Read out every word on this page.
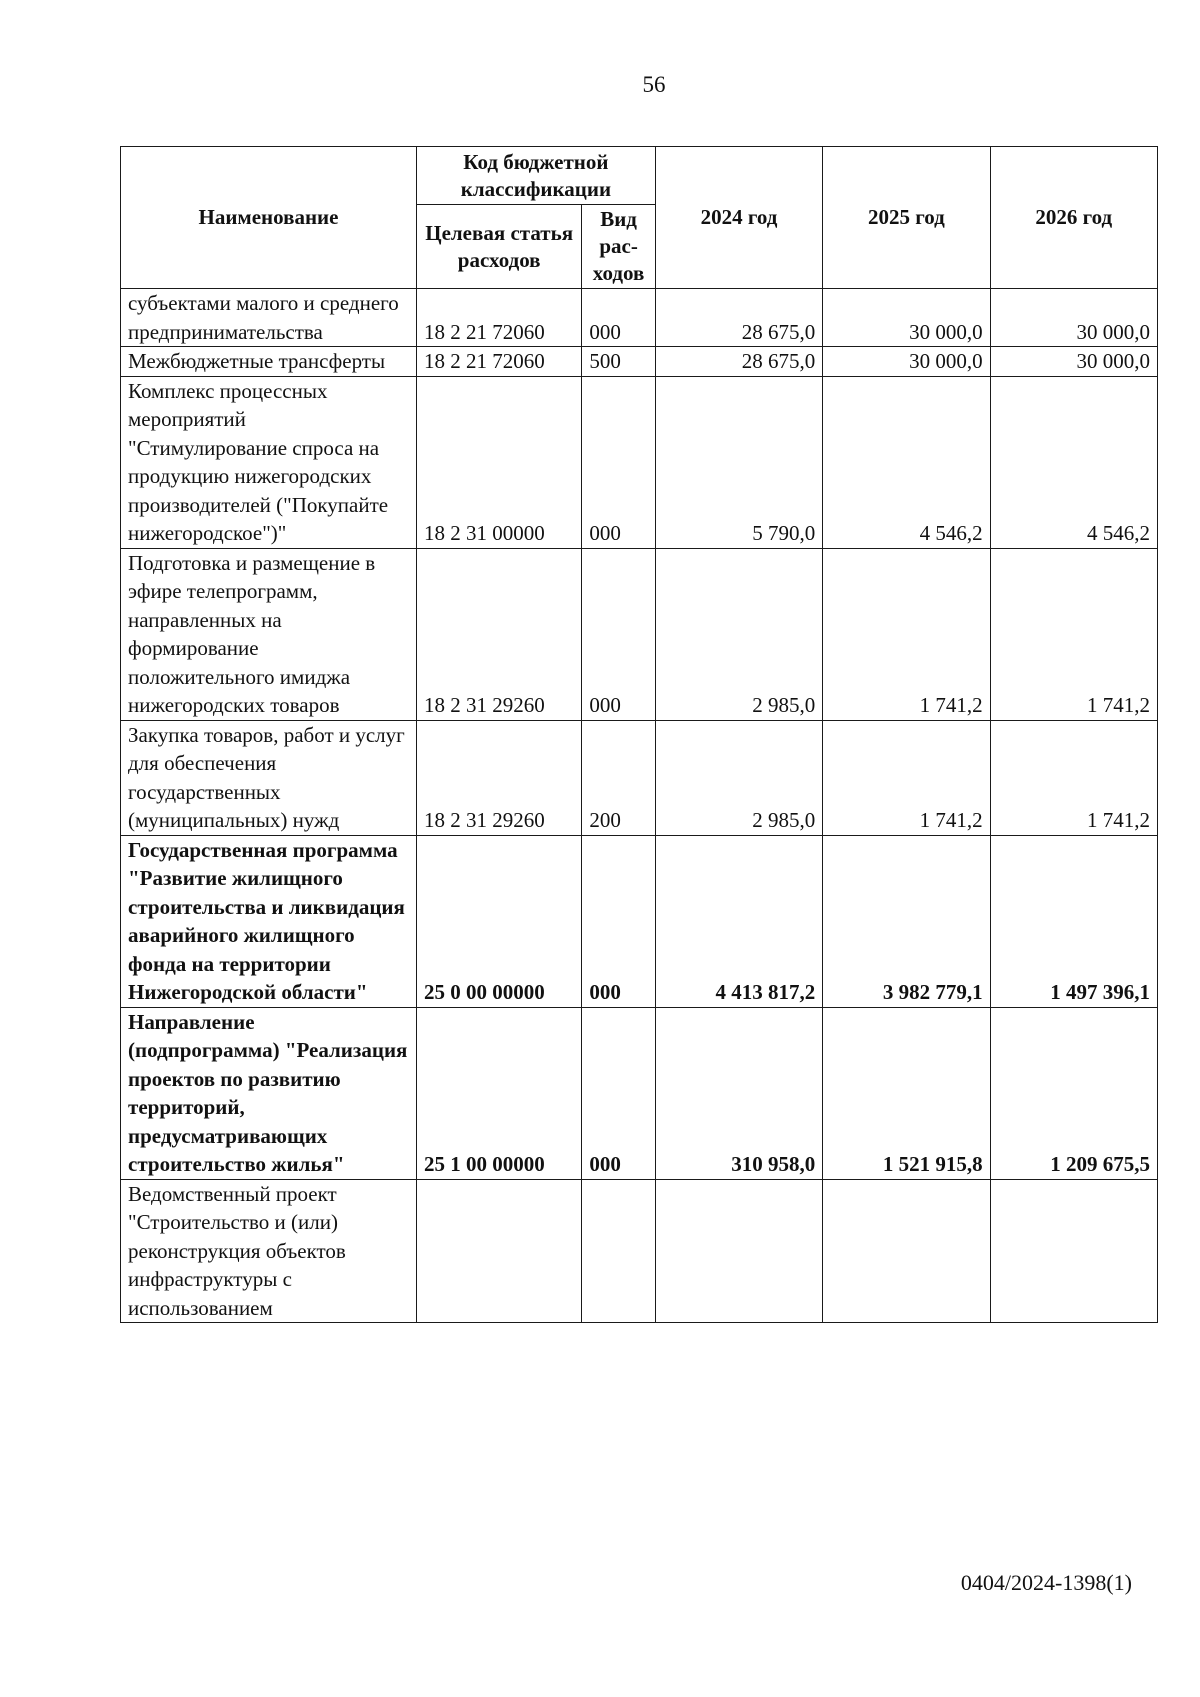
56
Наименование	Код бюджетной классификации		2024 год	2025 год	2026 год
	Целевая статья расходов	Вид рас-ходов			
субъектами малого и среднего предпринимательства	18 2 21 72060	000	28 675,0	30 000,0	30 000,0
Межбюджетные трансферты	18 2 21 72060	500	28 675,0	30 000,0	30 000,0
Комплекс процессных мероприятий "Стимулирование спроса на продукцию нижегородских производителей ("Покупайте нижегородское")"	18 2 31 00000	000	5 790,0	4 546,2	4 546,2
Подготовка и размещение в эфире телепрограмм, направленных на формирование положительного имиджа нижегородских товаров	18 2 31 29260	000	2 985,0	1 741,2	1 741,2
Закупка товаров, работ и услуг для обеспечения государственных (муниципальных) нужд	18 2 31 29260	200	2 985,0	1 741,2	1 741,2
Государственная программа "Развитие жилищного строительства и ликвидация аварийного жилищного фонда на территории Нижегородской области"	25 0 00 00000	000	4 413 817,2	3 982 779,1	1 497 396,1
Направление (подпрограмма) "Реализация проектов по развитию территорий, предусматривающих строительство жилья"	25 1 00 00000	000	310 958,0	1 521 915,8	1 209 675,5
Ведомственный проект "Строительство и (или) реконструкция объектов инфраструктуры с использованием					
0404/2024-1398(1)
